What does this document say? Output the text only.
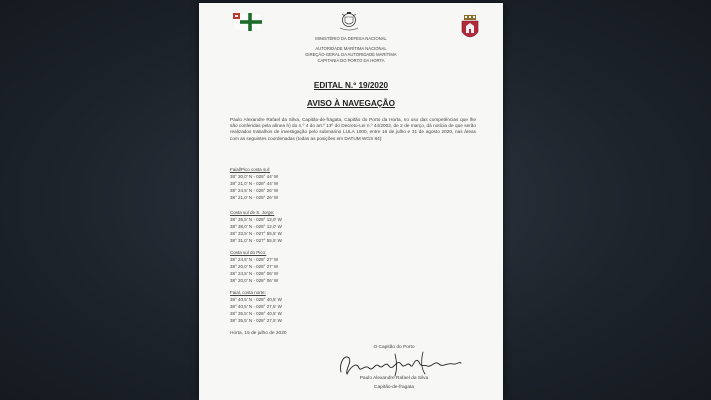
MINISTÉRIO DA DEFESA NACIONAL
AUTORIDADE MARÍTIMA NACIONAL
DIREÇÃO-GERAL DA AUTORIDADE MARÍTIMA
CAPITANIA DO PORTO DA HORTA
EDITAL N.º 19/2020
AVISO À NAVEGAÇÃO
Paulo Alexandre Rafael da Silva, Capitão-de-fragata, Capitão do Porto da Horta, no uso das competências que lhe são conferidas pela alínea h) do n.º 4 do art.º 13º do Decreto-Lei n.º 44/2002, de 2 de março, dá notícia de que serão realizados trabalhos de investigação pelo submarino LULA 1000, entre 16 de julho e 31 de agosto 2020, nas áreas com as seguintes coordenadas (todas as posições em DATUM WGS 84):
Faial/Pico costa sul:
38° 30,0' N - 028° 44' W
38° 21,0' N - 028° 44' W
38° 24,5' N - 028° 26' W
38° 21,0' N - 028° 26' W
Costa sul de S. Jorge:
38° 35,5' N - 028° 12,0' W
38° 38,0' N - 028° 12,0' W
38° 33,5' N - 027° 55,5' W
38° 31,0' N - 027° 55,5' W
Costa sul do Pico:
38° 24,5' N - 028° 27' W
38° 20,0' N - 028° 27' W
38° 24,5' N - 028° 06' W
38° 20,0' N - 028° 06' W
Faial, costa norte:
38° 40,5' N - 028° 40,5' W
38° 40,5' N - 028° 27,5' W
38° 35,5' N - 028° 40,5' W
38° 35,5' N - 028° 27,5' W
Horta, 15 de julho de 2020
O Capitão do Porto
Paulo Alexandre Rafael da Silva
Capitão-de-fragata
